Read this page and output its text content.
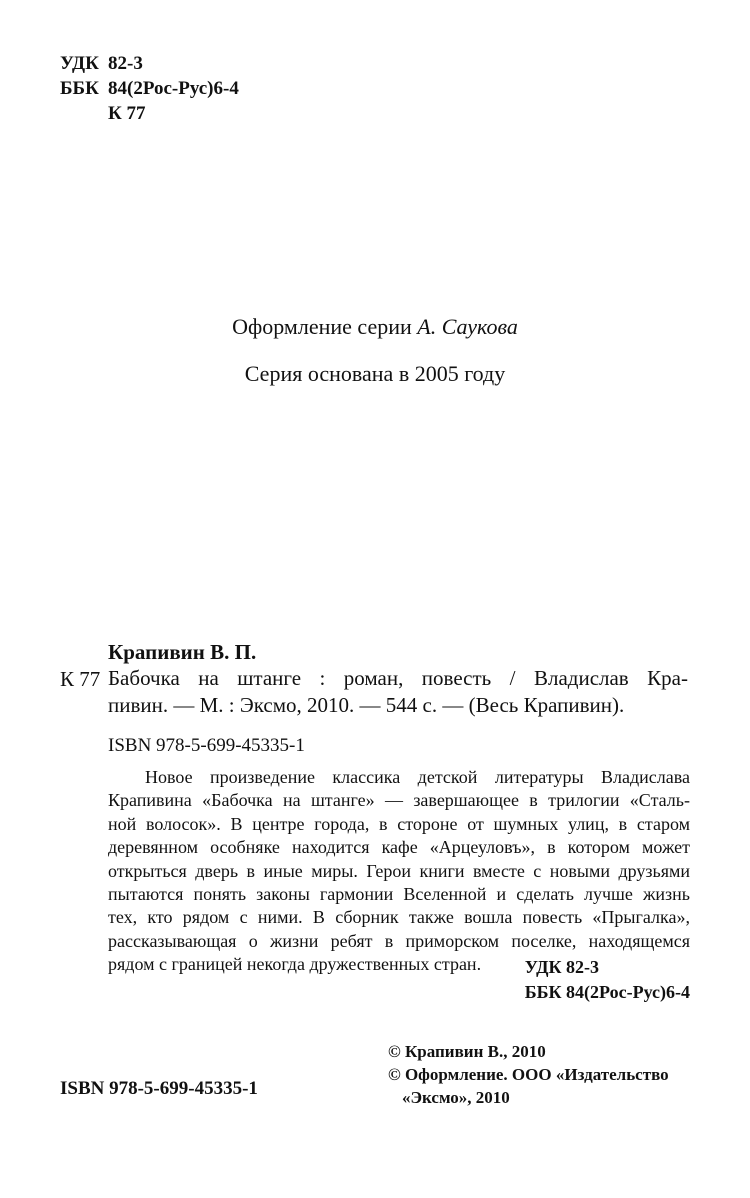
УДК 82-3
ББК 84(2Рос-Рус)6-4
К 77
Оформление серии А. Саукова
Серия основана в 2005 году
Крапивин В. П.
К 77 Бабочка на штанге : роман, повесть / Владислав Кра-
пивин. — М. : Эксмо, 2010. — 544 с. — (Весь Крапивин).
ISBN 978-5-699-45335-1
Новое произведение классика детской литературы Владислава
Крапивина «Бабочка на штанге» — завершающее в трилогии «Сталь-
ной волосок». В центре города, в стороне от шумных улиц, в старом
деревянном особняке находится кафе «Арцеуловъ», в котором может
открыться дверь в иные миры. Герои книги вместе с новыми друзьями
пытаются понять законы гармонии Вселенной и сделать лучше жизнь
тех, кто рядом с ними. В сборник также вошла повесть «Прыгалка»,
рассказывающая о жизни ребят в приморском поселке, находящемся
рядом с границей некогда дружественных стран.	УДК 82-3
ББК 84(2Рос-Рус)6-4
© Крапивин В., 2010
© Оформление. ООО «Издательство
«Эксмо», 2010
ISBN 978-5-699-45335-1
